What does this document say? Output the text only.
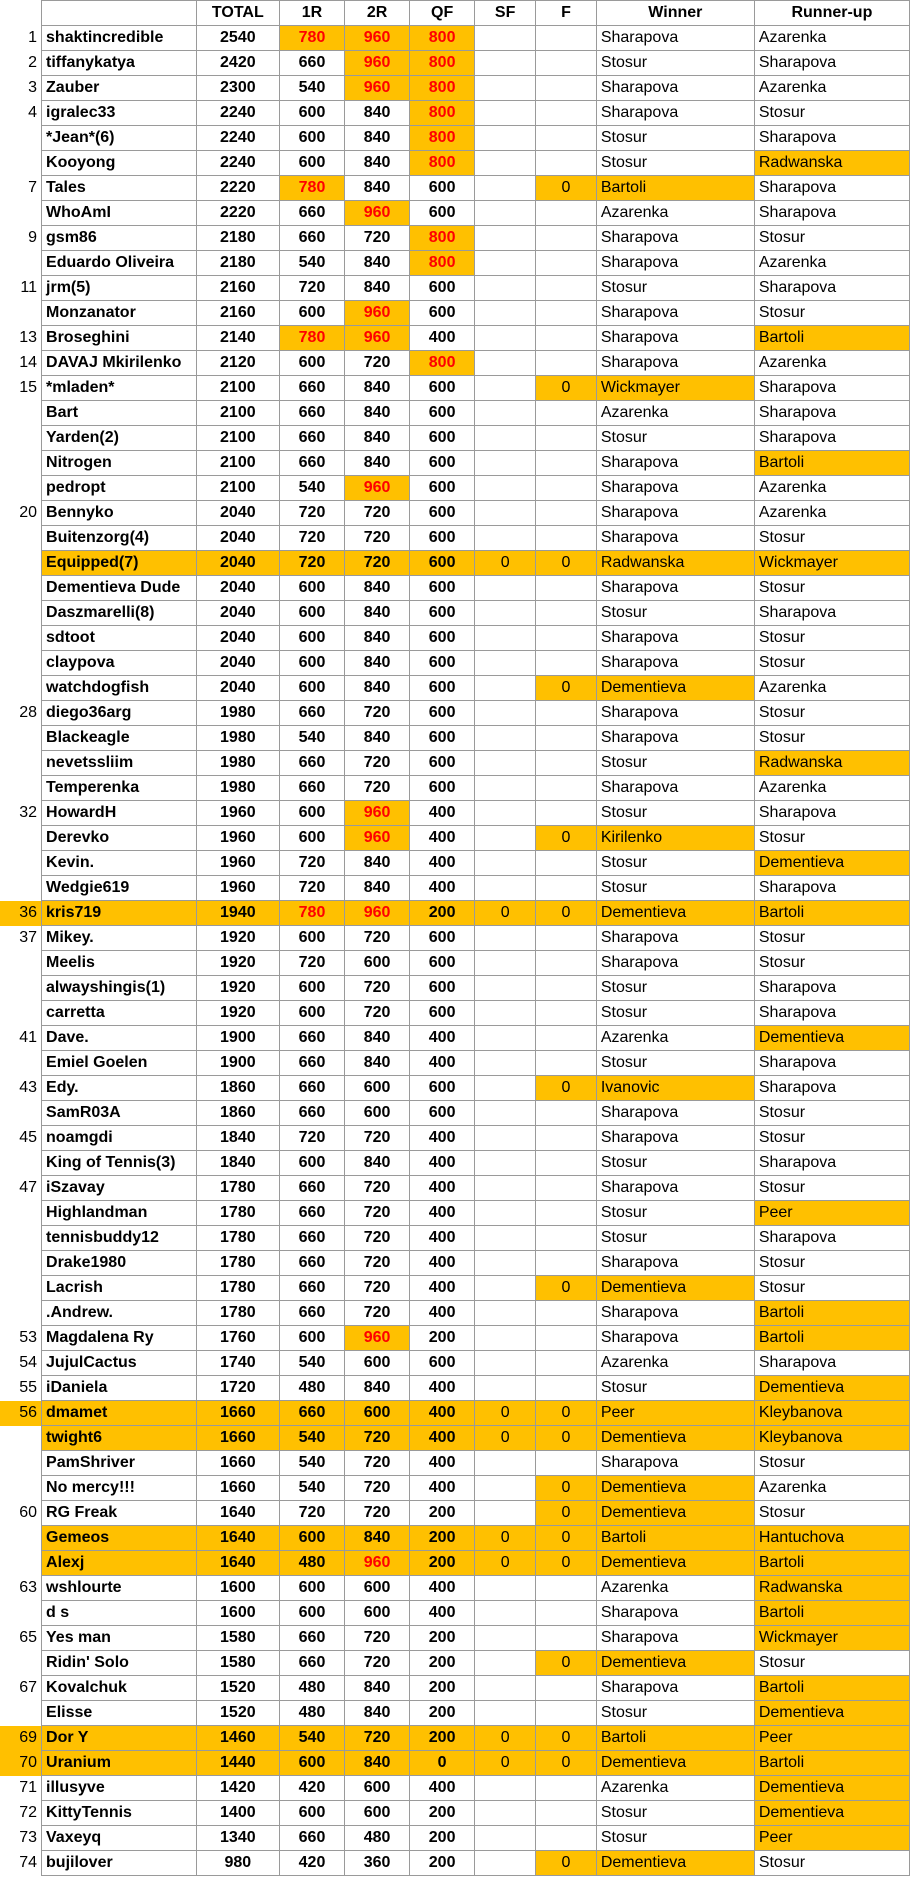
		TOTAL	1R	2R	QF	SF	F	Winner	Runner-up
1	shaktincredible	2540	780	960	800			Sharapova	Azarenka
2	tiffanykatya	2420	660	960	800			Stosur	Sharapova
3	Zauber	2300	540	960	800			Sharapova	Azarenka
4	igralec33	2240	600	840	800			Sharapova	Stosur
	*Jean*(6)	2240	600	840	800			Stosur	Sharapova
	Kooyong	2240	600	840	800			Stosur	Radwanska
7	Tales	2220	780	840	600		0	Bartoli	Sharapova
	WhoAmI	2220	660	960	600			Azarenka	Sharapova
9	gsm86	2180	660	720	800			Sharapova	Stosur
	Eduardo Oliveira	2180	540	840	800			Sharapova	Azarenka
11	jrm(5)	2160	720	840	600			Stosur	Sharapova
	Monzanator	2160	600	960	600			Sharapova	Stosur
13	Broseghini	2140	780	960	400			Sharapova	Bartoli
14	DAVAJ Mkirilenko	2120	600	720	800			Sharapova	Azarenka
15	*mladen*	2100	660	840	600		0	Wickmayer	Sharapova
	Bart	2100	660	840	600			Azarenka	Sharapova
	Yarden(2)	2100	660	840	600			Stosur	Sharapova
	Nitrogen	2100	660	840	600			Sharapova	Bartoli
	pedropt	2100	540	960	600			Sharapova	Azarenka
20	Bennyko	2040	720	720	600			Sharapova	Azarenka
	Buitenzorg(4)	2040	720	720	600			Sharapova	Stosur
	Equipped(7)	2040	720	720	600	0	0	Radwanska	Wickmayer
	Dementieva Dude	2040	600	840	600			Sharapova	Stosur
	Daszmarelli(8)	2040	600	840	600			Stosur	Sharapova
	sdtoot	2040	600	840	600			Sharapova	Stosur
	claypova	2040	600	840	600			Sharapova	Stosur
	watchdogfish	2040	600	840	600		0	Dementieva	Azarenka
28	diego36arg	1980	660	720	600			Sharapova	Stosur
	Blackeagle	1980	540	840	600			Sharapova	Stosur
	nevetssliim	1980	660	720	600			Stosur	Radwanska
	Temperenka	1980	660	720	600			Sharapova	Azarenka
32	HowardH	1960	600	960	400			Stosur	Sharapova
	Derevko	1960	600	960	400		0	Kirilenko	Stosur
	Kevin.	1960	720	840	400			Stosur	Dementieva
	Wedgie619	1960	720	840	400			Stosur	Sharapova
36	kris719	1940	780	960	200	0	0	Dementieva	Bartoli
37	Mikey.	1920	600	720	600			Sharapova	Stosur
	Meelis	1920	720	600	600			Sharapova	Stosur
	alwayshingis(1)	1920	600	720	600			Stosur	Sharapova
	carretta	1920	600	720	600			Stosur	Sharapova
41	Dave.	1900	660	840	400			Azarenka	Dementieva
	Emiel Goelen	1900	660	840	400			Stosur	Sharapova
43	Edy.	1860	660	600	600		0	Ivanovic	Sharapova
	SamR03A	1860	660	600	600			Sharapova	Stosur
45	noamgdi	1840	720	720	400			Sharapova	Stosur
	King of Tennis(3)	1840	600	840	400			Stosur	Sharapova
47	iSzavay	1780	660	720	400			Sharapova	Stosur
	Highlandman	1780	660	720	400			Stosur	Peer
	tennisbuddy12	1780	660	720	400			Stosur	Sharapova
	Drake1980	1780	660	720	400			Sharapova	Stosur
	Lacrish	1780	660	720	400		0	Dementieva	Stosur
	.Andrew.	1780	660	720	400			Sharapova	Bartoli
53	Magdalena Ry	1760	600	960	200			Sharapova	Bartoli
54	JujulCactus	1740	540	600	600			Azarenka	Sharapova
55	iDaniela	1720	480	840	400			Stosur	Dementieva
56	dmamet	1660	660	600	400	0	0	Peer	Kleybanova
	twight6	1660	540	720	400	0	0	Dementieva	Kleybanova
	PamShriver	1660	540	720	400			Sharapova	Stosur
	No mercy!!!	1660	540	720	400		0	Dementieva	Azarenka
60	RG Freak	1640	720	720	200		0	Dementieva	Stosur
	Gemeos	1640	600	840	200	0	0	Bartoli	Hantuchova
	Alexj	1640	480	960	200	0	0	Dementieva	Bartoli
63	wshlourte	1600	600	600	400			Azarenka	Radwanska
	d s	1600	600	600	400			Sharapova	Bartoli
65	Yes man	1580	660	720	200			Sharapova	Wickmayer
	Ridin' Solo	1580	660	720	200		0	Dementieva	Stosur
67	Kovalchuk	1520	480	840	200			Sharapova	Bartoli
	Elisse	1520	480	840	200			Stosur	Dementieva
69	Dor Y	1460	540	720	200	0	0	Bartoli	Peer
70	Uranium	1440	600	840	0	0	0	Dementieva	Bartoli
71	illusyve	1420	420	600	400			Azarenka	Dementieva
72	KittyTennis	1400	600	600	200			Stosur	Dementieva
73	Vaxeyq	1340	660	480	200			Stosur	Peer
74	bujilover	980	420	360	200		0	Dementieva	Stosur
